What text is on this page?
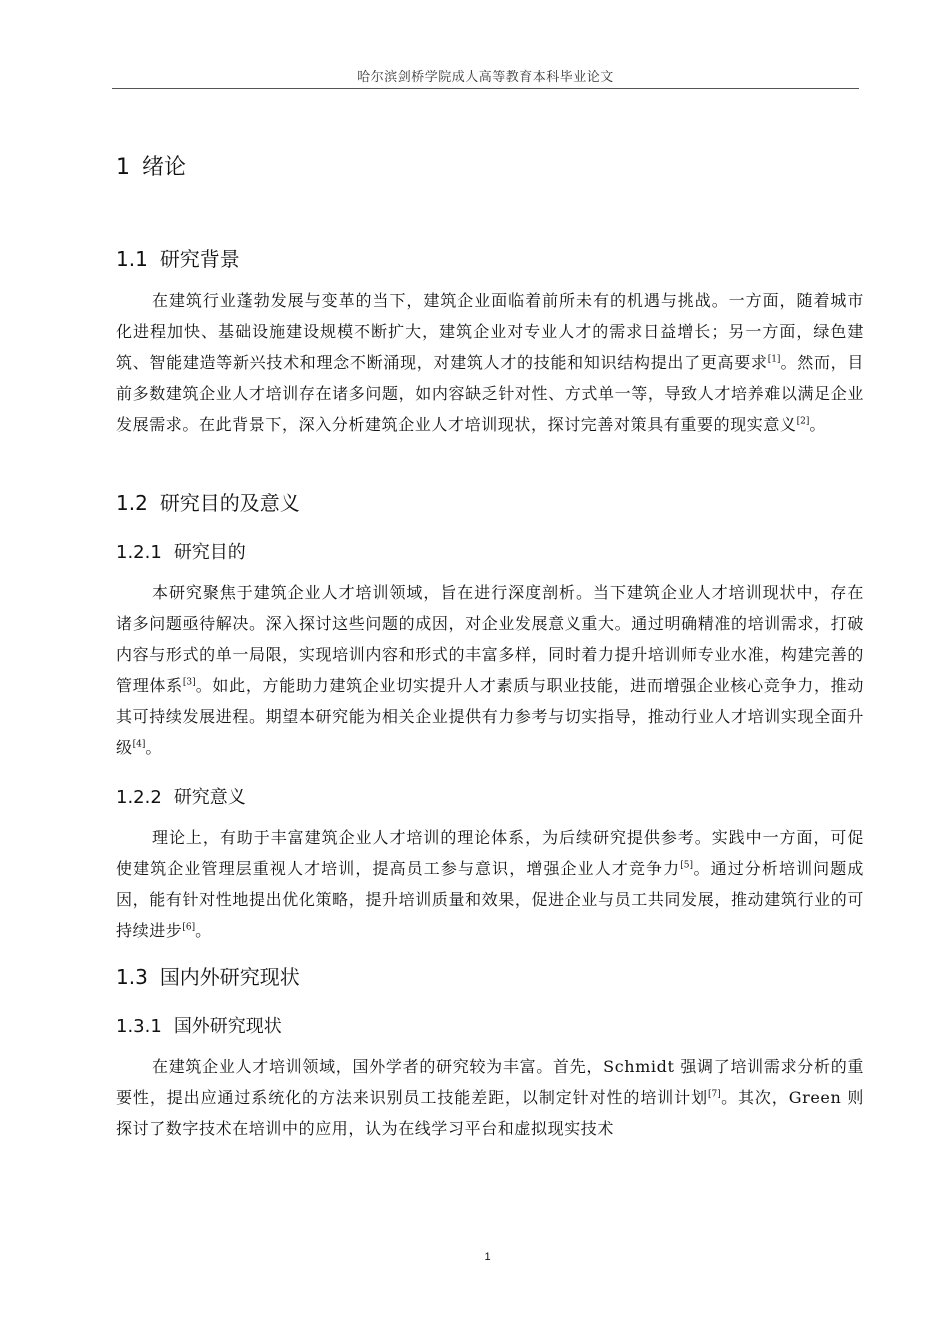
哈尔滨剑桥学院成人高等教育本科毕业论文
1 绪论
1.1 研究背景

在建筑行业蓬勃发展与变革的当下，建筑企业面临着前所未有的机遇与挑战。一方面，随着城市化进程加快、基础设施建设规模不断扩大，建筑企业对专业人才的需求日益增长；另一方面，绿色建筑、智能建造等新兴技术和理念不断涌现，对建筑人才的技能和知识结构提出了更高要求[1]。然而，目前多数建筑企业人才培训存在诸多问题，如内容缺乏针对性、方式单一等，导致人才培养难以满足企业发展需求。在此背景下，深入分析建筑企业人才培训现状，探讨完善对策具有重要的现实意义[2]。

1.2 研究目的及意义
1.2.1 研究目的

本研究聚焦于建筑企业人才培训领域，旨在进行深度剖析。当下建筑企业人才培训现状中，存在诸多问题亟待解决。深入探讨这些问题的成因，对企业发展意义重大。通过明确精准的培训需求，打破内容与形式的单一局限，实现培训内容和形式的丰富多样，同时着力提升培训师专业水准，构建完善的管理体系[3]。如此，方能助力建筑企业切实提升人才素质与职业技能，进而增强企业核心竞争力，推动其可持续发展进程。期望本研究能为相关企业提供有力参考与切实指导，推动行业人才培训实现全面升级[4]。

1.2.2 研究意义

理论上，有助于丰富建筑企业人才培训的理论体系，为后续研究提供参考。实践中一方面，可促使建筑企业管理层重视人才培训，提高员工参与意识，增强企业人才竞争力[5]。通过分析培训问题成因，能有针对性地提出优化策略，提升培训质量和效果，促进企业与员工共同发展，推动建筑行业的可持续进步[6]。

1.3 国内外研究现状
1.3.1 国外研究现状

在建筑企业人才培训领域，国外学者的研究较为丰富。首先，Schmidt 强调了培训需求分析的重要性，提出应通过系统化的方法来识别员工技能差距，以制定针对性的培训计划[7]。其次，Green 则探讨了数字技术在培训中的应用，认为在线学习平台和虚拟现实技术

1
